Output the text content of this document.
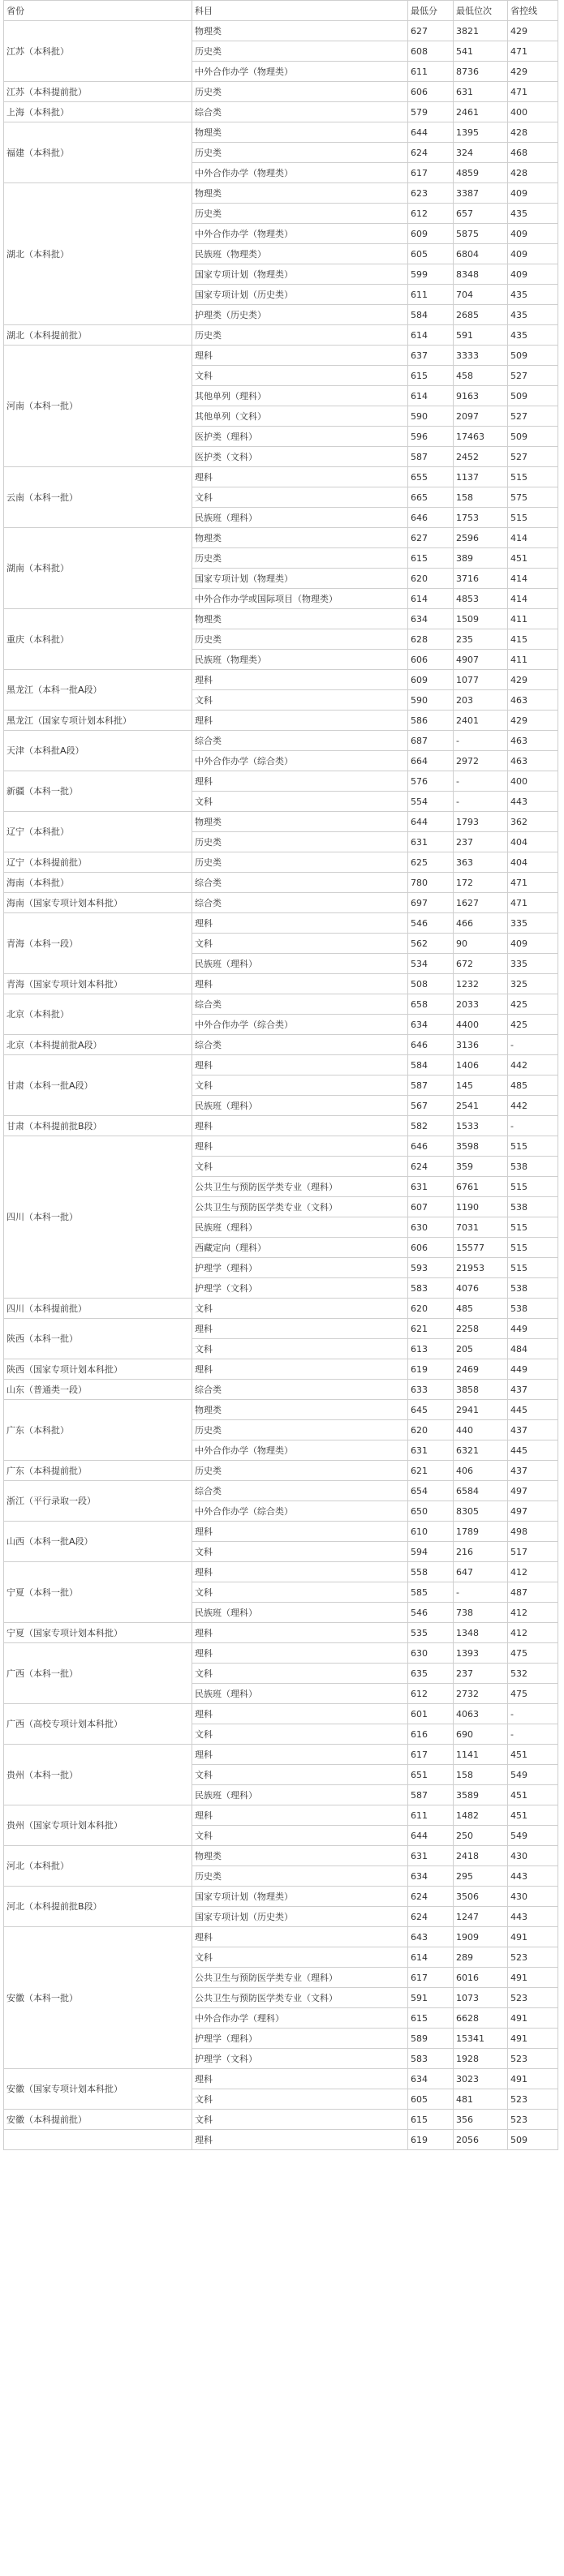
省份	科目	最低分	最低位次	省控线
江苏（本科批）	物理类	627	3821	429
	历史类	608	541	471
	中外合作办学（物理类）	611	8736	429
江苏（本科提前批）	历史类	606	631	471
上海（本科批）	综合类	579	2461	400
福建（本科批）	物理类	644	1395	428
	历史类	624	324	468
	中外合作办学（物理类）	617	4859	428
湖北（本科批）	物理类	623	3387	409
	历史类	612	657	435
	中外合作办学（物理类）	609	5875	409
	民族班（物理类）	605	6804	409
	国家专项计划（物理类）	599	8348	409
	国家专项计划（历史类）	611	704	435
	护理类（历史类）	584	2685	435
湖北（本科提前批）	历史类	614	591	435
河南（本科一批）	理科	637	3333	509
	文科	615	458	527
	其他单列（理科）	614	9163	509
	其他单列（文科）	590	2097	527
	医护类（理科）	596	17463	509
	医护类（文科）	587	2452	527
云南（本科一批）	理科	655	1137	515
	文科	665	158	575
	民族班（理科）	646	1753	515
湖南（本科批）	物理类	627	2596	414
	历史类	615	389	451
	国家专项计划（物理类）	620	3716	414
	中外合作办学或国际项目（物理类）	614	4853	414
重庆（本科批）	物理类	634	1509	411
	历史类	628	235	415
	民族班（物理类）	606	4907	411
黑龙江（本科一批A段）	理科	609	1077	429
	文科	590	203	463
黑龙江（国家专项计划本科批）	理科	586	2401	429
天津（本科批A段）	综合类	687	-	463
	中外合作办学（综合类）	664	2972	463
新疆（本科一批）	理科	576	-	400
	文科	554	-	443
辽宁（本科批）	物理类	644	1793	362
	历史类	631	237	404
辽宁（本科提前批）	历史类	625	363	404
海南（本科批）	综合类	780	172	471
海南（国家专项计划本科批）	综合类	697	1627	471
青海（本科一段）	理科	546	466	335
	文科	562	90	409
	民族班（理科）	534	672	335
青海（国家专项计划本科批）	理科	508	1232	325
北京（本科批）	综合类	658	2033	425
	中外合作办学（综合类）	634	4400	425
北京（本科提前批A段）	综合类	646	3136	-
甘肃（本科一批A段）	理科	584	1406	442
	文科	587	145	485
	民族班（理科）	567	2541	442
甘肃（本科提前批B段）	理科	582	1533	-
四川（本科一批）	理科	646	3598	515
	文科	624	359	538
	公共卫生与预防医学类专业（理科）	631	6761	515
	公共卫生与预防医学类专业（文科）	607	1190	538
	民族班（理科）	630	7031	515
	西藏定向（理科）	606	15577	515
	护理学（理科）	593	21953	515
	护理学（文科）	583	4076	538
四川（本科提前批）	文科	620	485	538
陕西（本科一批）	理科	621	2258	449
	文科	613	205	484
陕西（国家专项计划本科批）	理科	619	2469	449
山东（普通类一段）	综合类	633	3858	437
广东（本科批）	物理类	645	2941	445
	历史类	620	440	437
	中外合作办学（物理类）	631	6321	445
广东（本科提前批）	历史类	621	406	437
浙江（平行录取一段）	综合类	654	6584	497
	中外合作办学（综合类）	650	8305	497
山西（本科一批A段）	理科	610	1789	498
	文科	594	216	517
宁夏（本科一批）	理科	558	647	412
	文科	585	-	487
	民族班（理科）	546	738	412
宁夏（国家专项计划本科批）	理科	535	1348	412
广西（本科一批）	理科	630	1393	475
	文科	635	237	532
	民族班（理科）	612	2732	475
广西（高校专项计划本科批）	理科	601	4063	-
	文科	616	690	-
贵州（本科一批）	理科	617	1141	451
	文科	651	158	549
	民族班（理科）	587	3589	451
贵州（国家专项计划本科批）	理科	611	1482	451
	文科	644	250	549
河北（本科批）	物理类	631	2418	430
	历史类	634	295	443
河北（本科提前批B段）	国家专项计划（物理类）	624	3506	430
	国家专项计划（历史类）	624	1247	443
安徽（本科一批）	理科	643	1909	491
	文科	614	289	523
	公共卫生与预防医学类专业（理科）	617	6016	491
	公共卫生与预防医学类专业（文科）	591	1073	523
	中外合作办学（理科）	615	6628	491
	护理学（理科）	589	15341	491
	护理学（文科）	583	1928	523
安徽（国家专项计划本科批）	理科	634	3023	491
	文科	605	481	523
安徽（本科提前批）	文科	615	356	523
	理科	619	2056	509
